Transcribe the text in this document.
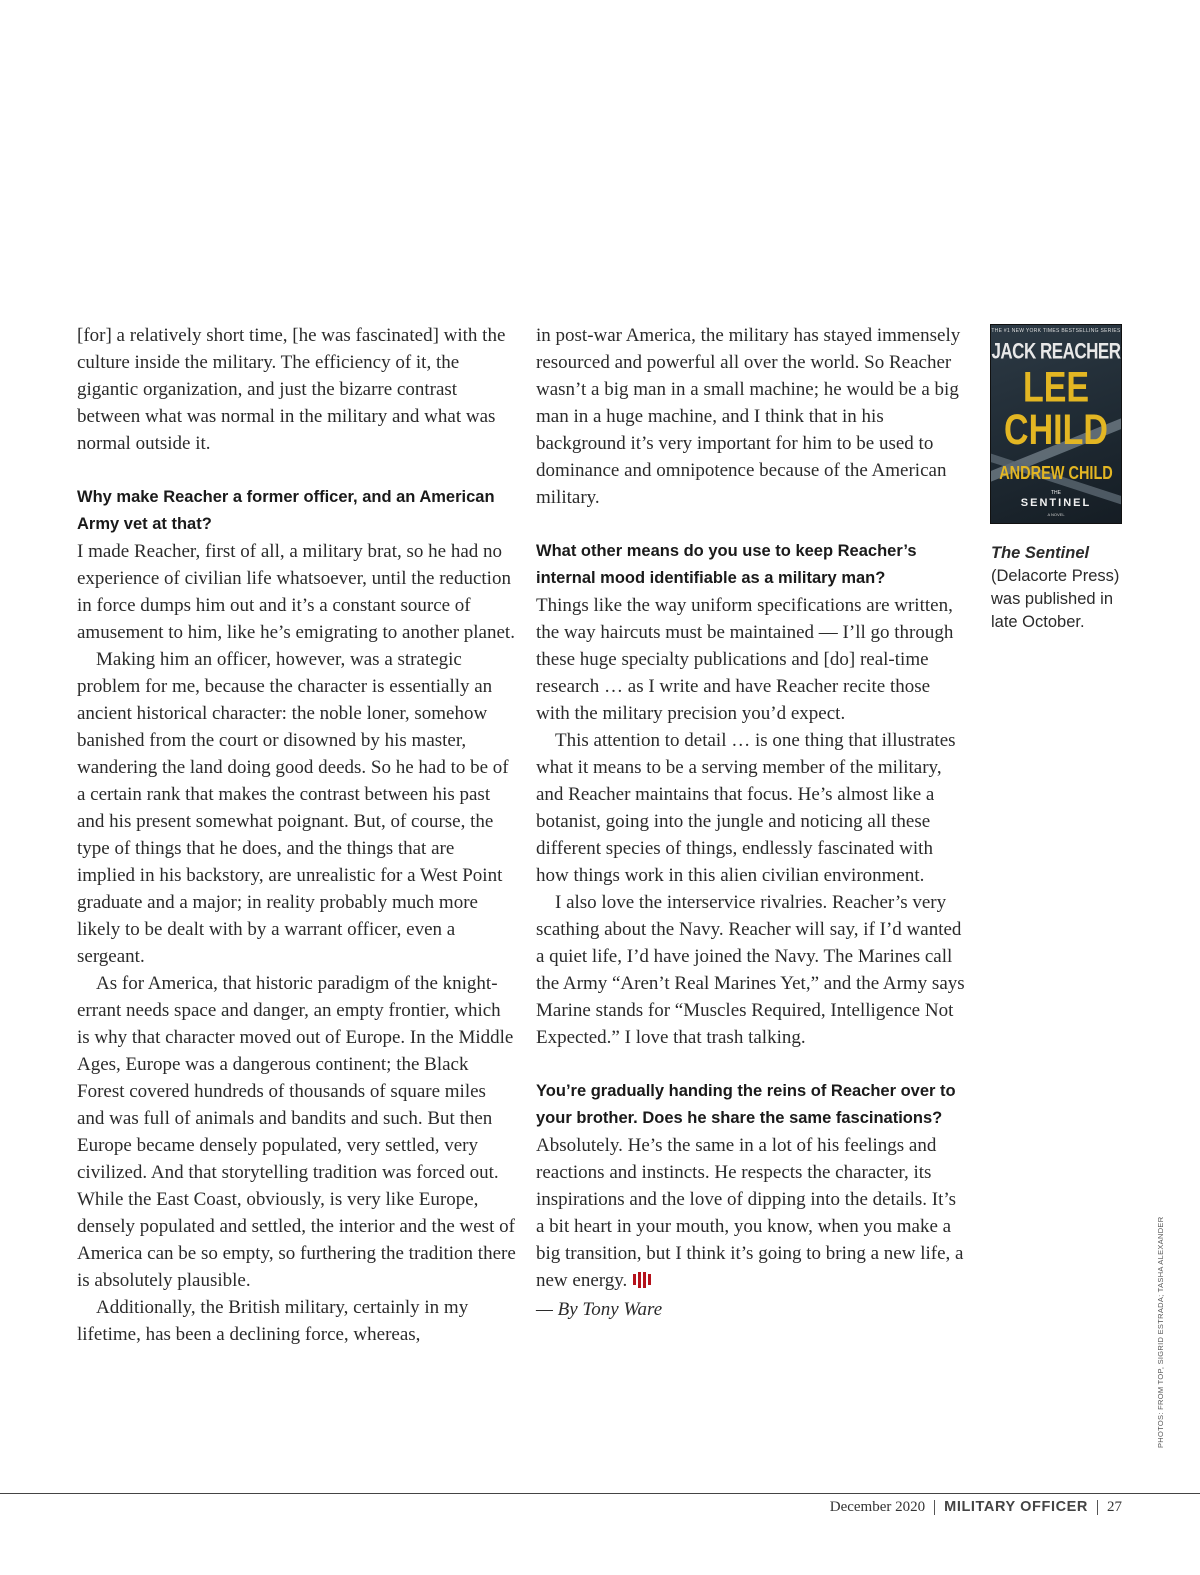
[for] a relatively short time, [he was fascinated] with the culture inside the military. The efficiency of it, the gigantic organization, and just the bizarre contrast between what was normal in the military and what was normal outside it.

Why make Reacher a former officer, and an American Army vet at that?

I made Reacher, first of all, a military brat, so he had no experience of civilian life whatsoever, until the reduction in force dumps him out and it’s a constant source of amusement to him, like he’s emigrating to another planet.

Making him an officer, however, was a strategic problem for me, because the character is essentially an ancient historical character: the noble loner, somehow banished from the court or disowned by his master, wandering the land doing good deeds. So he had to be of a certain rank that makes the contrast between his past and his present somewhat poignant. But, of course, the type of things that he does, and the things that are implied in his backstory, are unrealistic for a West Point graduate and a major; in reality probably much more likely to be dealt with by a warrant officer, even a sergeant.

As for America, that historic paradigm of the knight-errant needs space and danger, an empty frontier, which is why that character moved out of Europe. In the Middle Ages, Europe was a dangerous continent; the Black Forest covered hundreds of thousands of square miles and was full of animals and bandits and such. But then Europe became densely populated, very settled, very civilized. And that storytelling tradition was forced out. While the East Coast, obviously, is very like Europe, densely populated and settled, the interior and the west of America can be so empty, so furthering the tradition there is absolutely plausible.

Additionally, the British military, certainly in my lifetime, has been a declining force, whereas,

in post-war America, the military has stayed immensely resourced and powerful all over the world. So Reacher wasn’t a big man in a small machine; he would be a big man in a huge machine, and I think that in his background it’s very important for him to be used to dominance and omnipotence because of the American military.

What other means do you use to keep Reacher’s internal mood identifiable as a military man?

Things like the way uniform specifications are written, the way haircuts must be maintained — I’ll go through these huge specialty publications and [do] real-time research … as I write and have Reacher recite those with the military precision you’d expect.

This attention to detail … is one thing that illustrates what it means to be a serving member of the military, and Reacher maintains that focus. He’s almost like a botanist, going into the jungle and noticing all these different species of things, endlessly fascinated with how things work in this alien civilian environment.

I also love the interservice rivalries. Reacher’s very scathing about the Navy. Reacher will say, if I’d wanted a quiet life, I’d have joined the Navy. The Marines call the Army “Aren’t Real Marines Yet,” and the Army says Marine stands for “Muscles Required, Intelligence Not Expected.” I love that trash talking.

You’re gradually handing the reins of Reacher over to your brother. Does he share the same fascinations?

Absolutely. He’s the same in a lot of his feelings and reactions and instincts. He respects the character, its inspirations and the love of dipping into the details. It’s a bit heart in your mouth, you know, when you make a big transition, but I think it’s going to bring a new life, a new energy.

— By Tony Ware

THE #1 NEW YORK TIMES BESTSELLING SERIES
JACK REACHER
LEE
CHILD
ANDREW CHILD
THE
SENTINEL
A NOVEL
The Sentinel
(Delacorte Press) was published in late October.
PHOTOS: FROM TOP, SIGRID ESTRADA; TASHA ALEXANDER
December 2020 MILITARY OFFICER 27
